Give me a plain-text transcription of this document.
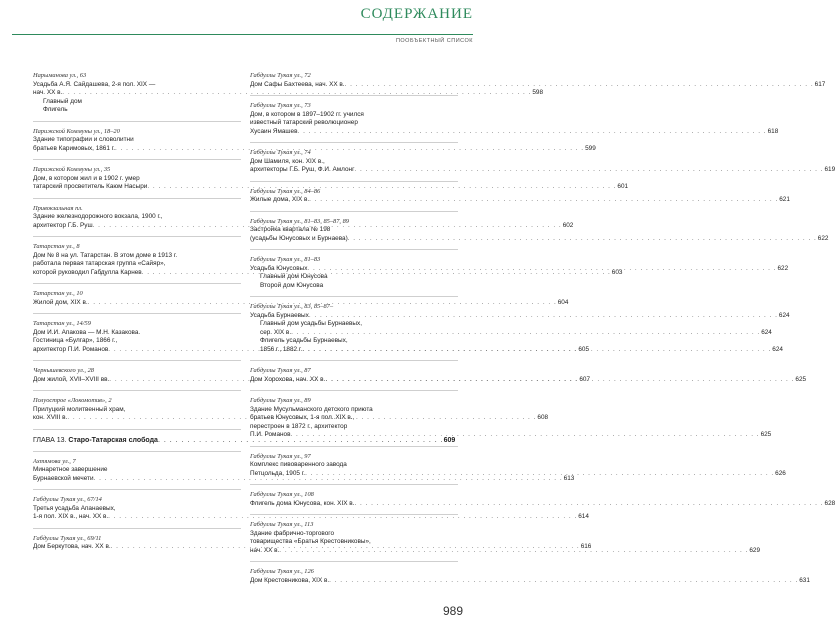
СОДЕРЖАНИЕ
ПООБЪЕКТНЫЙ СПИСОК
Нарымановa ул., 63
Усадьба А.Я. Сайдашева, 2-я пол. XIX —
нач. XX в. . . .	598
Главный дом
Флигель
Парижской Коммуны ул., 18–20
Здание типографии и словолитни
братьев Каримовых, 1861 г. . . .	599
Парижской Коммуны ул., 35
Дом, в котором жил и в 1902 г. умер
татарский просветитель Каюм Насыри . . .	601
Привокзальная пл.
Здание железнодорожного вокзала, 1900 г.,
архитектор Г.Б. Руш . . .	602
Татарстан ул., 8
Дом № 8 на ул. Татарстан. В этом доме в 1913 г.
работала первая татарская группа «Сайяр»,
которой руководил Габдулла Карнев . . .	603
Татарстан ул., 10
Жилой дом, XIX в. . . .	604
Татарстан ул., 14/59
Дом И.И. Апакова — М.Н. Казакова.
Гостиница «Булгар», 1866 г.,
архитектор П.И. Романов . . .	605
Чернышевского ул., 28
Дом жилой, XVII–XVIII вв. . . .	607
Полуострое «Локомотив», 2
Прилуцкий молитвенный храм,
кон. XVIII в. . . .	608
ГЛАВА 13. Старо-Татарская слобода . . .	609
Ахтямова ул., 7
Минаретное завершение
Бурнаевской мечети . . .	613
Габдуллы Тукая ул., 67/14
Третья усадьба Апанаевых,
1-я пол. XIX в., нач. XX в. . . .	614
Габдуллы Тукая ул., 69/11
Дом Беркутова, нач. XX в. . . .	616
Габдуллы Тукая ул., 72
Дом Сафы Бахтеева, нач. XX в. . . .	617
Габдуллы Тукая ул., 73
Дом, в котором в 1897–1902 гг. учился
известный татарский революционер
Хусаин Ямашев . . .	618
Габдуллы Тукая ул., 74
Дом Шамиля, кон. XIX в.,
архитекторы Г.Б. Руш, Ф.И. Амлонг . . .	619
Габдуллы Тукая ул., 84–86
Жилые дома, XIX в. . . .	621
Габдуллы Тукая ул., 81–83, 85–87, 89
Застройка квартала № 198
(усадьбы Юнусовых и Бурнаева) . . .	622
Габдуллы Тукая ул., 81–83
Усадьба Юнусовых . . .	622
Главный дом Юнусова
Второй дом Юнусова
Габдуллы Тукая ул., 83, 85–87–
Усадьба Бурнаевых . . .	624
Главный дом усадьбы Бурнаевых,
сер. XIX в. . . .	624
Флигель усадьбы Бурнаевых,
1856 г., 1882 г. . . .	624
Габдуллы Тукая ул., 87
Дом Хорохова, нач. XX в. . . .	625
Габдуллы Тукая ул., 89
Здание Мусульманского детского приюта
братьев Юнусовых, 1-я пол. XIX в.,
перестроен в 1872 г., архитектор
П.И. Романов . . .	625
Габдуллы Тукая ул., 97
Комплекс пивоваренного завода
Петцольда, 1905 г. . . .	626
Габдуллы Тукая ул., 108
Флигель дома Юнусова, кон. XIX в. . . .	628
Габдуллы Тукая ул., 113
Здание фабрично-торгового
товарищества «Братья Крестовниковы»,
нач. XX в. . . .	629
Габдуллы Тукая ул., 126
Дом Крестовникова, XIX в. . . .	631
989
